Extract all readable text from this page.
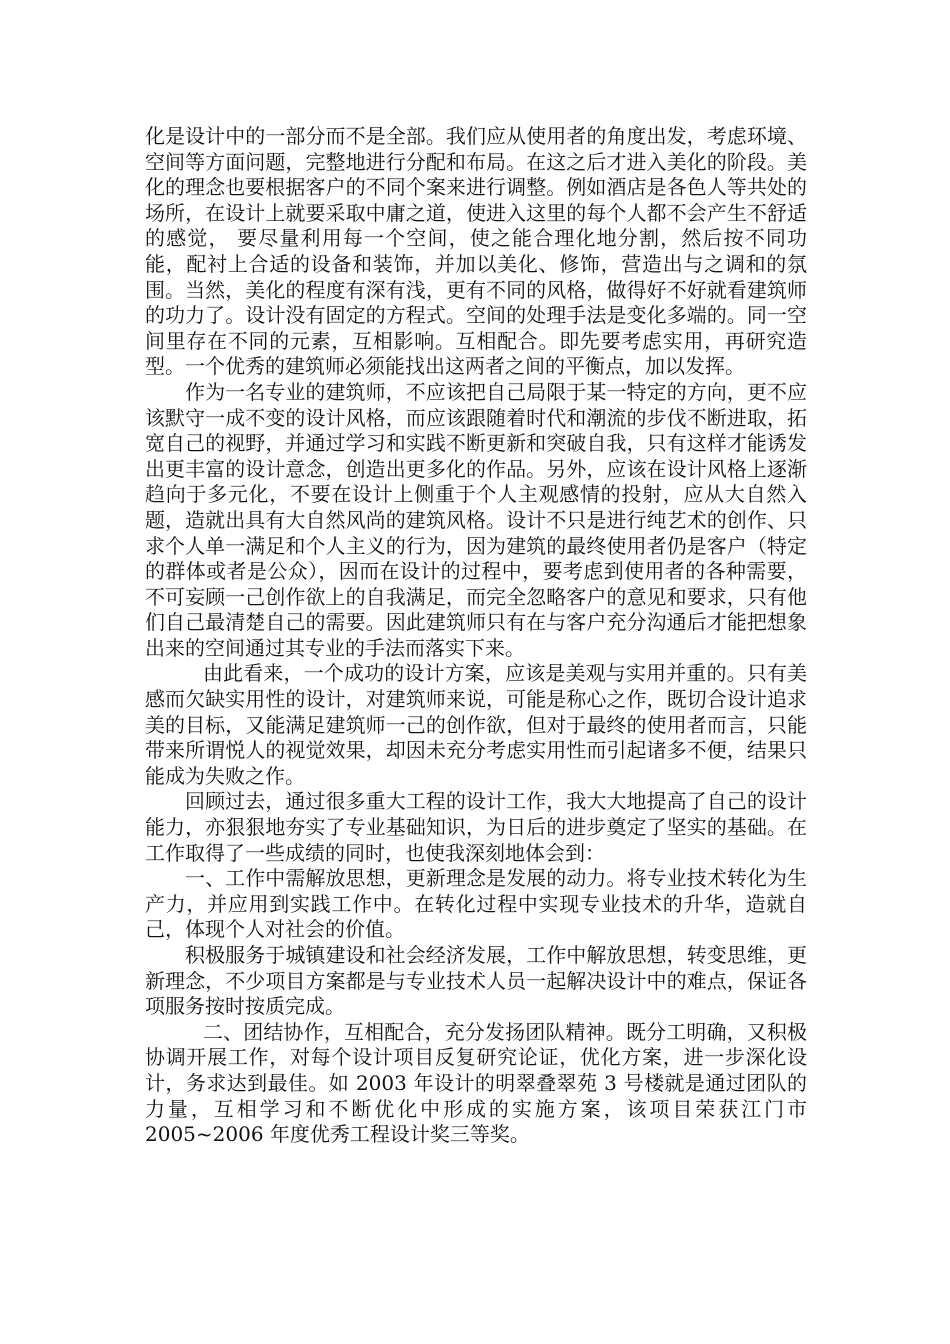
化是设计中的一部分而不是全部。我们应从使用者的角度出发，考虑环境、空间等方面问题，完整地进行分配和布局。在这之后才进入美化的阶段。美化的理念也要根据客户的不同个案来进行调整。例如酒店是各色人等共处的场所，在设计上就要采取中庸之道，使进入这里的每个人都不会产生不舒适的感觉， 要尽量利用每一个空间，使之能合理化地分割，然后按不同功能，配衬上合适的设备和装饰，并加以美化、修饰，营造出与之调和的氛围。当然，美化的程度有深有浅，更有不同的风格，做得好不好就看建筑师的功力了。设计没有固定的方程式。空间的处理手法是变化多端的。同一空间里存在不同的元素，互相影响。互相配合。即先要考虑实用，再研究造型。一个优秀的建筑师必须能找出这两者之间的平衡点，加以发挥。

作为一名专业的建筑师，不应该把自己局限于某一特定的方向，更不应该默守一成不变的设计风格，而应该跟随着时代和潮流的步伐不断进取，拓宽自己的视野，并通过学习和实践不断更新和突破自我，只有这样才能诱发出更丰富的设计意念，创造出更多化的作品。另外，应该在设计风格上逐渐趋向于多元化，不要在设计上侧重于个人主观感情的投射，应从大自然入题，造就出具有大自然风尚的建筑风格。设计不只是进行纯艺术的创作、只求个人单一满足和个人主义的行为，因为建筑的最终使用者仍是客户（特定的群体或者是公众），因而在设计的过程中，要考虑到使用者的各种需要，不可妄顾一己创作欲上的自我满足，而完全忽略客户的意见和要求，只有他们自己最清楚自己的需要。因此建筑师只有在与客户充分沟通后才能把想象出来的空间通过其专业的手法而落实下来。

由此看来，一个成功的设计方案，应该是美观与实用并重的。只有美感而欠缺实用性的设计，对建筑师来说，可能是称心之作，既切合设计追求美的目标，又能满足建筑师一己的创作欲，但对于最终的使用者而言，只能带来所谓悦人的视觉效果，却因未充分考虑实用性而引起诸多不便，结果只能成为失败之作。

回顾过去，通过很多重大工程的设计工作，我大大地提高了自己的设计能力，亦狠狠地夯实了专业基础知识，为日后的进步奠定了坚实的基础。在工作取得了一些成绩的同时，也使我深刻地体会到：

一、工作中需解放思想，更新理念是发展的动力。将专业技术转化为生产力，并应用到实践工作中。在转化过程中实现专业技术的升华，造就自己，体现个人对社会的价值。

积极服务于城镇建设和社会经济发展，工作中解放思想，转变思维，更新理念，不少项目方案都是与专业技术人员一起解决设计中的难点，保证各项服务按时按质完成。

二、团结协作，互相配合，充分发扬团队精神。既分工明确，又积极协调开展工作，对每个设计项目反复研究论证，优化方案，进一步深化设计，务求达到最佳。如 2003 年设计的明翠叠翠苑 3 号楼就是通过团队的力量，互相学习和不断优化中形成的实施方案，该项目荣获江门市 2005~2006 年度优秀工程设计奖三等奖。
